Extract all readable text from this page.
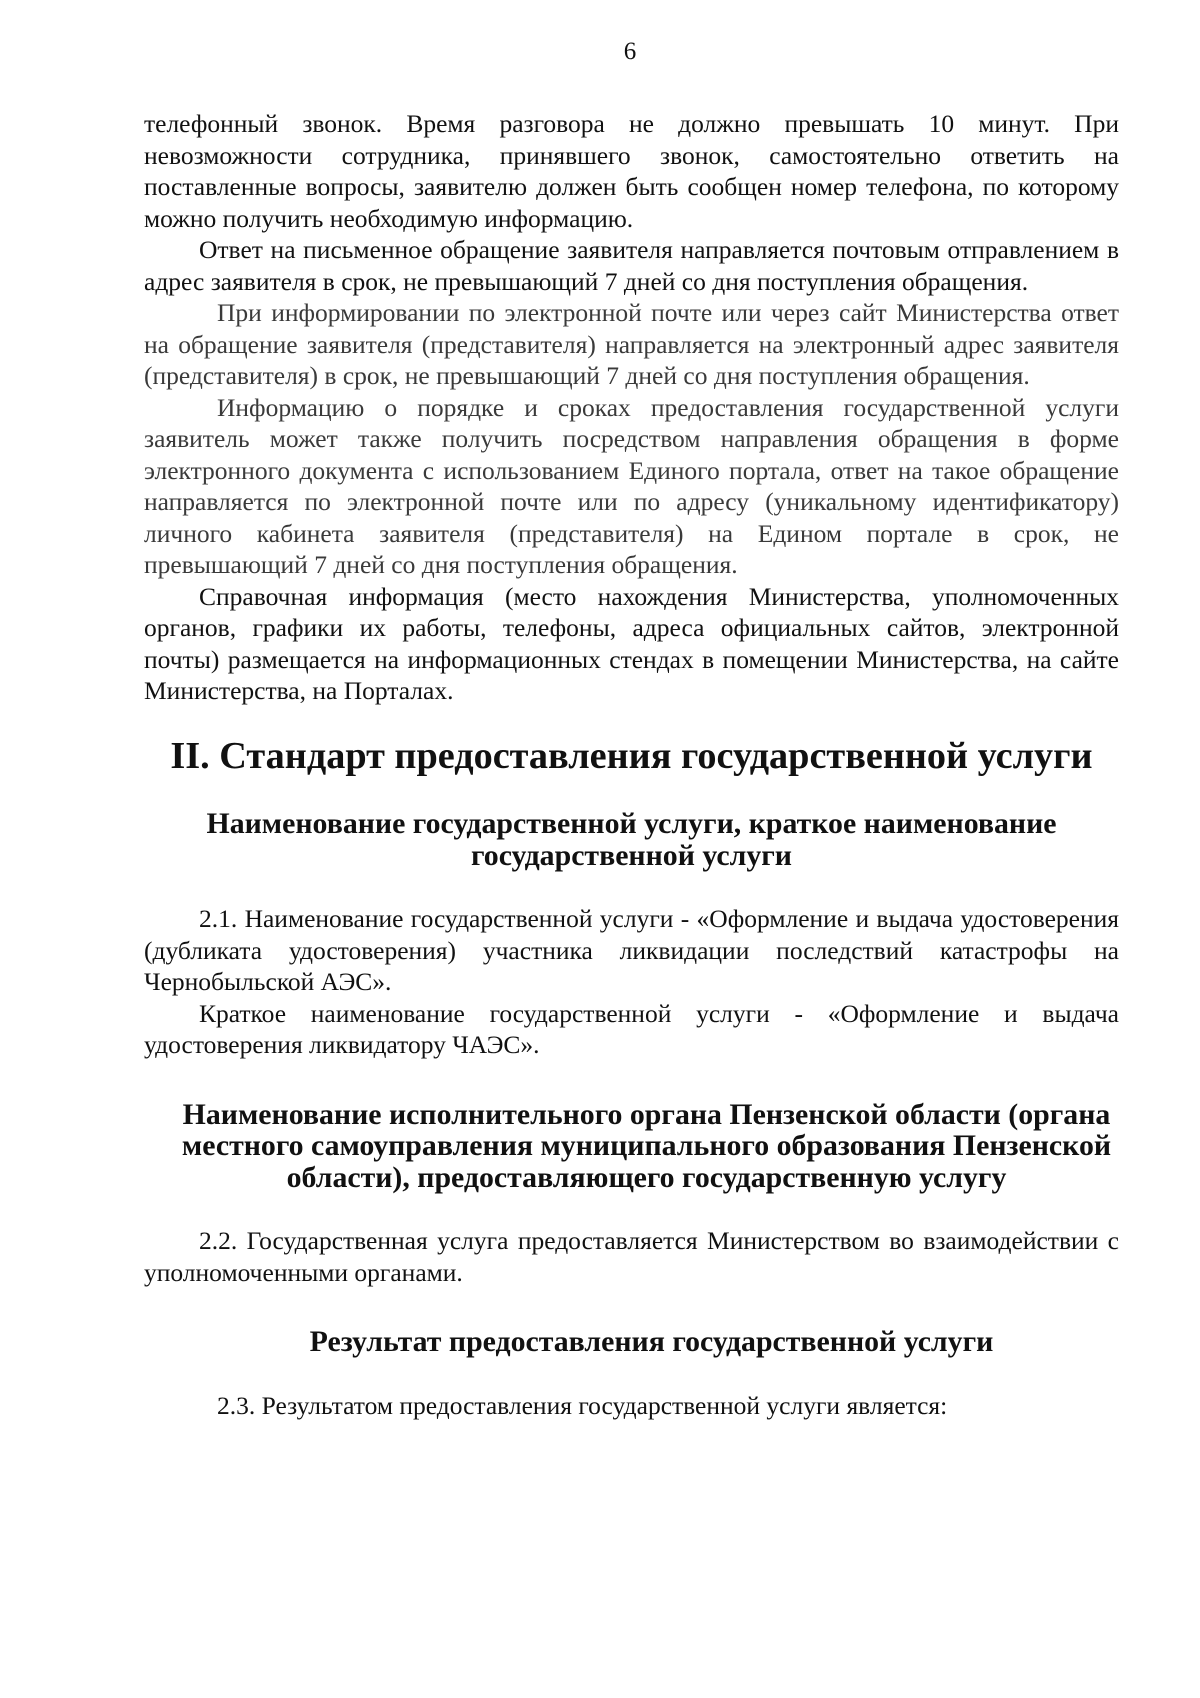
6

телефонный звонок. Время разговора не должно превышать 10 минут. При невозможности сотрудника, принявшего звонок, самостоятельно ответить на поставленные вопросы, заявителю должен быть сообщен номер телефона, по которому можно получить необходимую информацию.

Ответ на письменное обращение заявителя направляется почтовым отправлением в адрес заявителя в срок, не превышающий 7 дней со дня поступления обращения.

При информировании по электронной почте или через сайт Министерства ответ на обращение заявителя (представителя) направляется на электронный адрес заявителя (представителя) в срок, не превышающий 7 дней со дня поступления обращения.

Информацию о порядке и сроках предоставления государственной услуги заявитель может также получить посредством направления обращения в форме электронного документа с использованием Единого портала, ответ на такое обращение направляется по электронной почте или по адресу (уникальному идентификатору) личного кабинета заявителя (представителя) на Едином портале в срок, не превышающий 7 дней со дня поступления обращения.

Справочная информация (место нахождения Министерства, уполномоченных органов, графики их работы, телефоны, адреса официальных сайтов, электронной почты) размещается на информационных стендах в помещении Министерства, на сайте Министерства, на Порталах.

II. Стандарт предоставления государственной услуги
Наименование государственной услуги, краткое наименование государственной услуги

2.1. Наименование государственной услуги - «Оформление и выдача удостоверения (дубликата удостоверения) участника ликвидации последствий катастрофы на Чернобыльской АЭС».

Краткое наименование государственной услуги - «Оформление и выдача удостоверения ликвидатору ЧАЭС».

Наименование исполнительного органа Пензенской области (органа местного самоуправления муниципального образования Пензенской области), предоставляющего государственную услугу

2.2. Государственная услуга предоставляется Министерством во взаимодействии с уполномоченными органами.

Результат предоставления государственной услуги

2.3. Результатом предоставления государственной услуги является:
